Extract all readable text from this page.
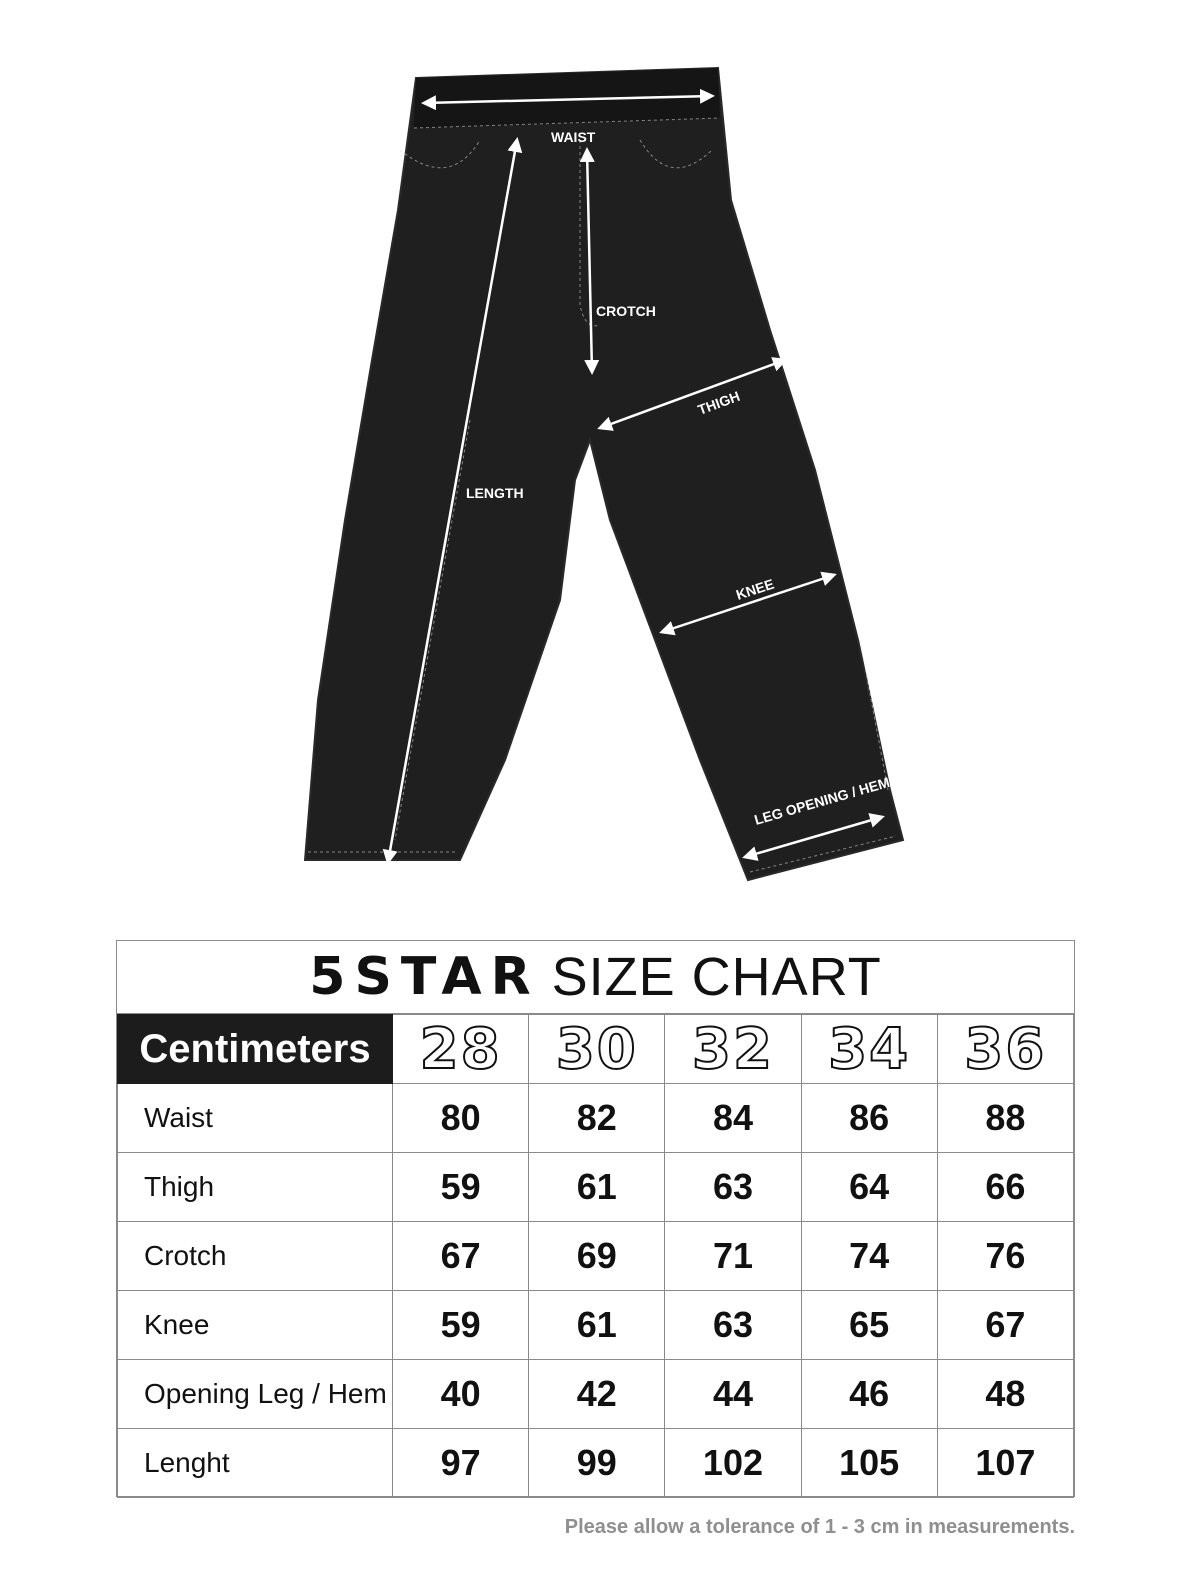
WAIST
CROTCH
THIGH
LENGTH
KNEE
LEG OPENING / HEM
5STAR SIZE CHART
Centimeters	28	30	32	34	36
Waist	80	82	84	86	88
Thigh	59	61	63	64	66
Crotch	67	69	71	74	76
Knee	59	61	63	65	67
Opening Leg / Hem	40	42	44	46	48
Lenght	97	99	102	105	107
Please allow a tolerance of 1 - 3 cm in measurements.
